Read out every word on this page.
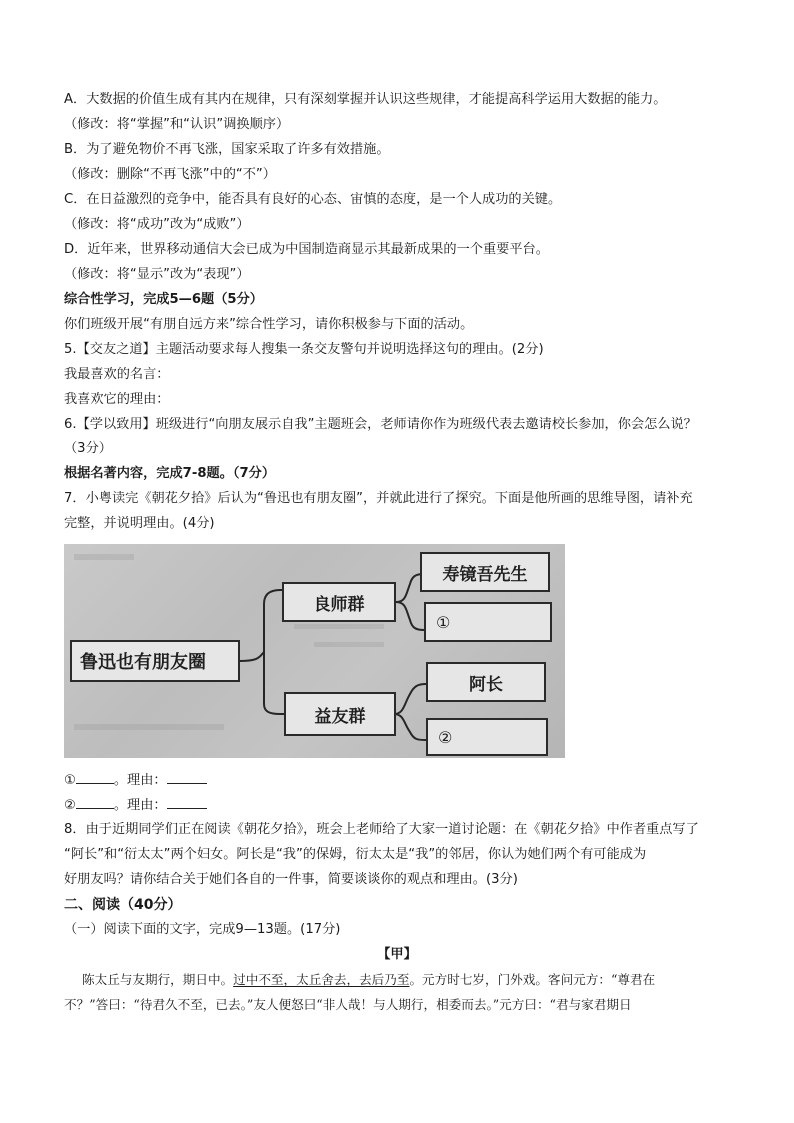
A．大数据的价值生成有其内在规律，只有深刻掌握并认识这些规律，才能提高科学运用大数据的能力。
（修改：将“掌握”和“认识”调换顺序）
B．为了避免物价不再飞涨，国家采取了许多有效措施。
（修改：删除“不再飞涨”中的“不”）
C．在日益激烈的竞争中，能否具有良好的心态、宙慎的态度，是一个人成功的关键。
（修改：将“成功”改为“成败”）
D．近年来，世界移动通信大会已成为中国制造商显示其最新成果的一个重要平台。
（修改：将“显示”改为“表现”）
综合性学习，完成5—6题（5分）
你们班级开展“有朋自远方来”综合性学习，请你积极参与下面的活动。
5.【交友之道】主题活动要求每人搜集一条交友警句并说明选择这句的理由。(2分)
我最喜欢的名言：
我喜欢它的理由：
6.【学以致用】班级进行“向朋友展示自我”主题班会，老师请你作为班级代表去邀请校长参加，你会怎么说？
（3分）
根据名著内容，完成7-8题。（7分）
7．小粤读完《朝花夕拾》后认为“鲁迅也有朋友圈”，并就此进行了探究。下面是他所画的思维导图，请补充
完整，并说明理由。(4分)
鲁迅也有朋友圈
良师群
寿镜吾先生
①
益友群
阿长
②
①	。理由：
②	。理由：
8．由于近期同学们正在阅读《朝花夕拾》，班会上老师给了大家一道讨论题：在《朝花夕拾》中作者重点写了
“阿长”和“衍太太”两个妇女。阿长是“我”的保姆，衍太太是“我”的邻居，你认为她们两个有可能成为
好朋友吗？请你结合关于她们各自的一件事，简要谈谈你的观点和理由。(3分)
二、阅读（40分）
（一）阅读下面的文字，完成9—13题。(17分)
【甲】
陈太丘与友期行，期日中。过中不至，太丘舍去，去后乃至。元方时七岁，门外戏。客问元方：“尊君在
不？”答曰：“待君久不至，已去。”友人便怒曰“非人哉！与人期行，相委而去。”元方曰：“君与家君期日
